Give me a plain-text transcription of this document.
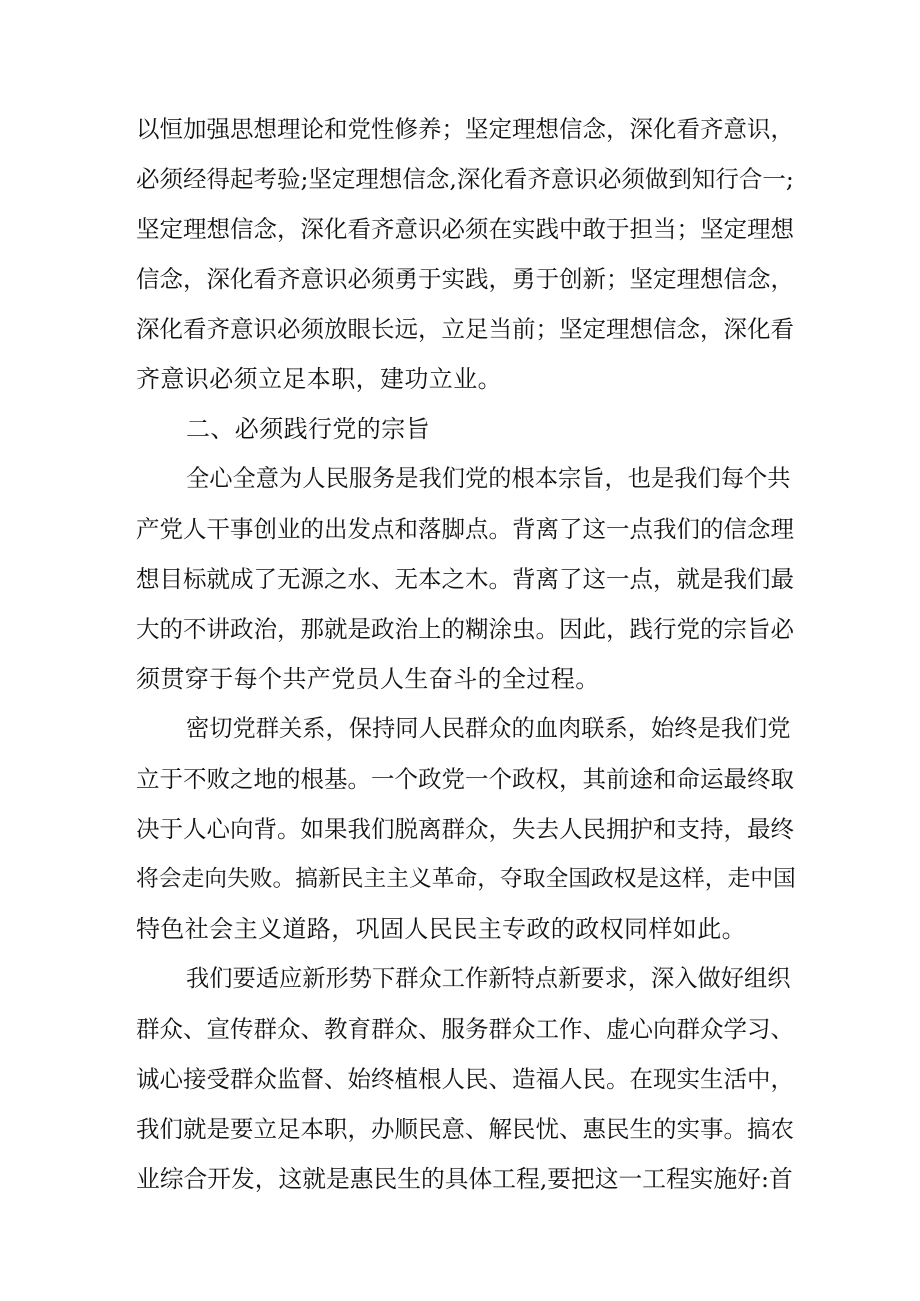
以恒加强思想理论和党性修养；坚定理想信念，深化看齐意识，
必须经得起考验;坚定理想信念,深化看齐意识必须做到知行合一;
坚定理想信念，深化看齐意识必须在实践中敢于担当；坚定理想
信念，深化看齐意识必须勇于实践，勇于创新；坚定理想信念，
深化看齐意识必须放眼长远，立足当前；坚定理想信念，深化看
齐意识必须立足本职，建功立业。
二、必须践行党的宗旨
全心全意为人民服务是我们党的根本宗旨，也是我们每个共
产党人干事创业的出发点和落脚点。背离了这一点我们的信念理
想目标就成了无源之水、无本之木。背离了这一点，就是我们最
大的不讲政治，那就是政治上的糊涂虫。因此，践行党的宗旨必
须贯穿于每个共产党员人生奋斗的全过程。
密切党群关系，保持同人民群众的血肉联系，始终是我们党
立于不败之地的根基。一个政党一个政权，其前途和命运最终取
决于人心向背。如果我们脱离群众，失去人民拥护和支持，最终
将会走向失败。搞新民主主义革命，夺取全国政权是这样，走中国
特色社会主义道路，巩固人民民主专政的政权同样如此。
我们要适应新形势下群众工作新特点新要求，深入做好组织
群众、宣传群众、教育群众、服务群众工作、虚心向群众学习、
诚心接受群众监督、始终植根人民、造福人民。在现实生活中，
我们就是要立足本职，办顺民意、解民忧、惠民生的实事。搞农
业综合开发，这就是惠民生的具体工程,要把这一工程实施好:首
